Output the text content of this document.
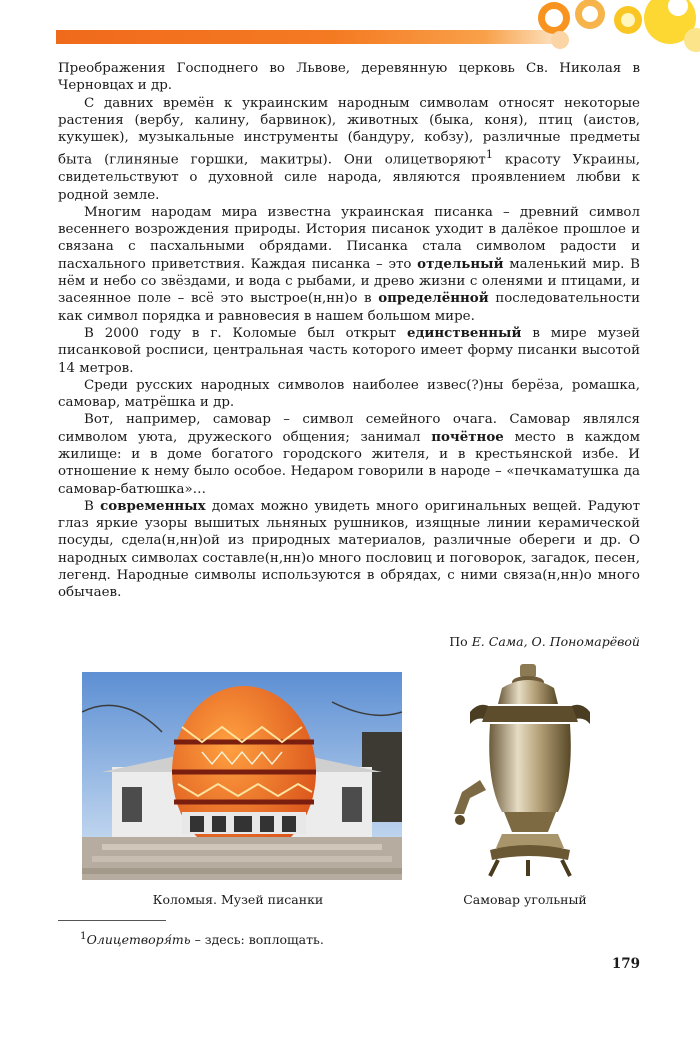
Преображения Господнего во Львове, деревянную церковь Св. Николая в Черновцах и др.

С давних времён к украинским народным символам относят некоторые растения (вербу, калину, барвинок), животных (быка, коня), птиц (аистов, кукушек), музыкальные инструменты (бандуру, кобзу), различные предметы быта (глиняные горшки, макитры). Они олицетворяют$^1$ красоту Украины, свидетельствуют о духовной силе народа, являются проявлением любви к родной земле.

Многим народам мира известна украинская писанка – древний символ весеннего возрождения природы. История писанок уходит в далёкое прошлое и связана с пасхальными обрядами. Писанка стала символом радости и пасхального приветствия. Каждая писанка – это отдельный маленький мир. В нём и небо со звёздами, и вода с рыбами, и древо жизни с оленями и птицами, и засеянное поле – всё это выстрое(н,нн)о в определённой последовательности как символ порядка и равновесия в нашем большом мире.

В 2000 году в г. Коломые был открыт единственный в мире музей писанковой росписи, центральная часть которого имеет форму писанки высотой 14 метров.

Среди русских народных символов наиболее извес(?)ны берёза, ромашка, самовар, матрёшка и др.

Вот, например, самовар – символ семейного очага. Самовар являлся символом уюта, дружеского общения; занимал почётное место в каждом жилище: и в доме богатого городского жителя, и в крестьянской избе. И отношение к нему было особое. Недаром говорили в народе – «печкаматушка да самовар-батюшка»…

В современных домах можно увидеть много оригинальных вещей. Радуют глаз яркие узоры вышитых льняных рушников, изящные линии керамической посуды, сдела(н,нн)ой из природных материалов, различные обереги и др. О народных символах составле(н,нн)о много пословиц и поговорок, загадок, песен, легенд. Народные символы используются в обрядах, с ними связа(н,нн)о много обычаев.

По Е. Сама, О. Пономарёвой
Коломыя. Музей писанки	Самовар угольный
$^1$Олицетворя́ть – здесь: воплощать.
179
